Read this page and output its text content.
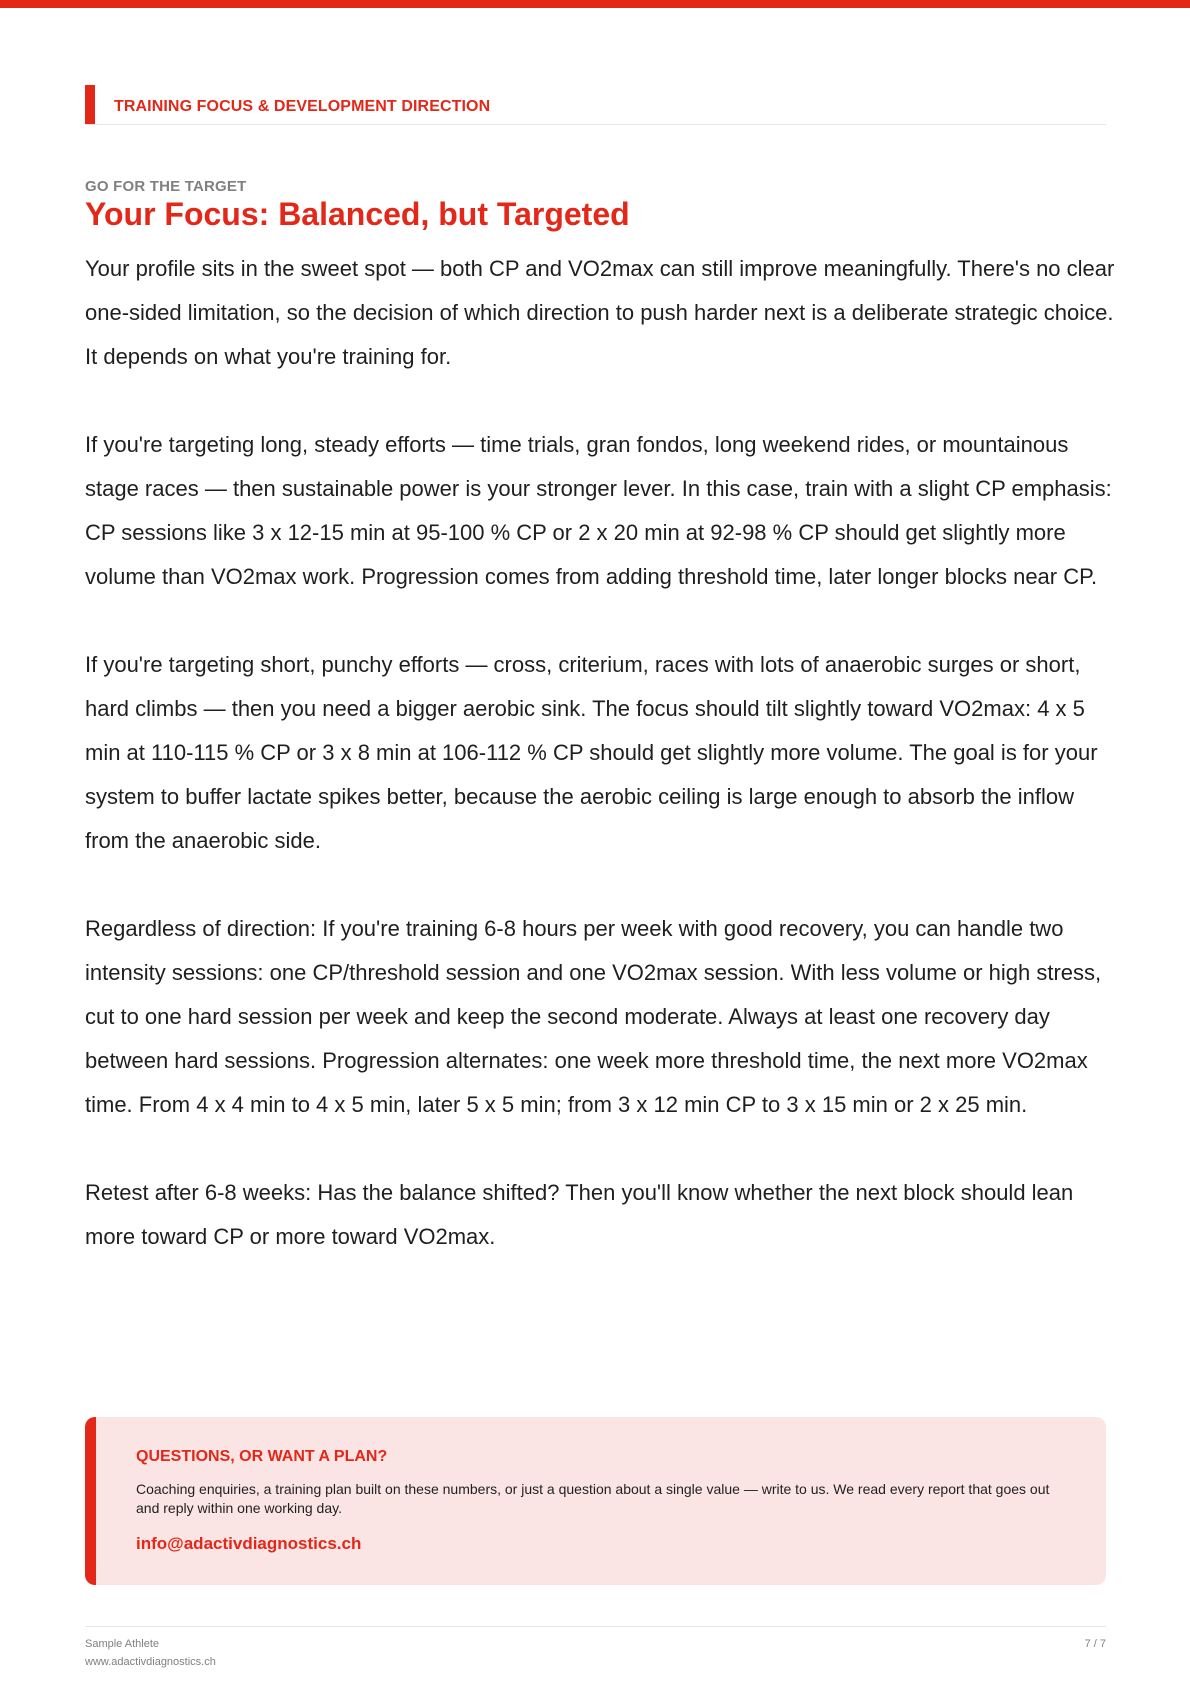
TRAINING FOCUS & DEVELOPMENT DIRECTION
GO FOR THE TARGET
Your Focus: Balanced, but Targeted

Your profile sits in the sweet spot — both CP and VO2max can still improve meaningfully. There's no clear one-sided limitation, so the decision of which direction to push harder next is a deliberate strategic choice. It depends on what you're training for.

If you're targeting long, steady efforts — time trials, gran fondos, long weekend rides, or mountainous stage races — then sustainable power is your stronger lever. In this case, train with a slight CP emphasis: CP sessions like 3 x 12-15 min at 95-100 % CP or 2 x 20 min at 92-98 % CP should get slightly more volume than VO2max work. Progression comes from adding threshold time, later longer blocks near CP.

If you're targeting short, punchy efforts — cross, criterium, races with lots of anaerobic surges or short, hard climbs — then you need a bigger aerobic sink. The focus should tilt slightly toward VO2max: 4 x 5 min at 110-115 % CP or 3 x 8 min at 106-112 % CP should get slightly more volume. The goal is for your system to buffer lactate spikes better, because the aerobic ceiling is large enough to absorb the inflow from the anaerobic side.

Regardless of direction: If you're training 6-8 hours per week with good recovery, you can handle two intensity sessions: one CP/threshold session and one VO2max session. With less volume or high stress, cut to one hard session per week and keep the second moderate. Always at least one recovery day between hard sessions. Progression alternates: one week more threshold time, the next more VO2max time. From 4 x 4 min to 4 x 5 min, later 5 x 5 min; from 3 x 12 min CP to 3 x 15 min or 2 x 25 min.

Retest after 6-8 weeks: Has the balance shifted? Then you'll know whether the next block should lean more toward CP or more toward VO2max.

QUESTIONS, OR WANT A PLAN?
Coaching enquiries, a training plan built on these numbers, or just a question about a single value — write to us. We read every report that goes out and reply within one working day.
info@adactivdiagnostics.ch
Sample Athlete
www.adactivdiagnostics.ch
7 / 7
